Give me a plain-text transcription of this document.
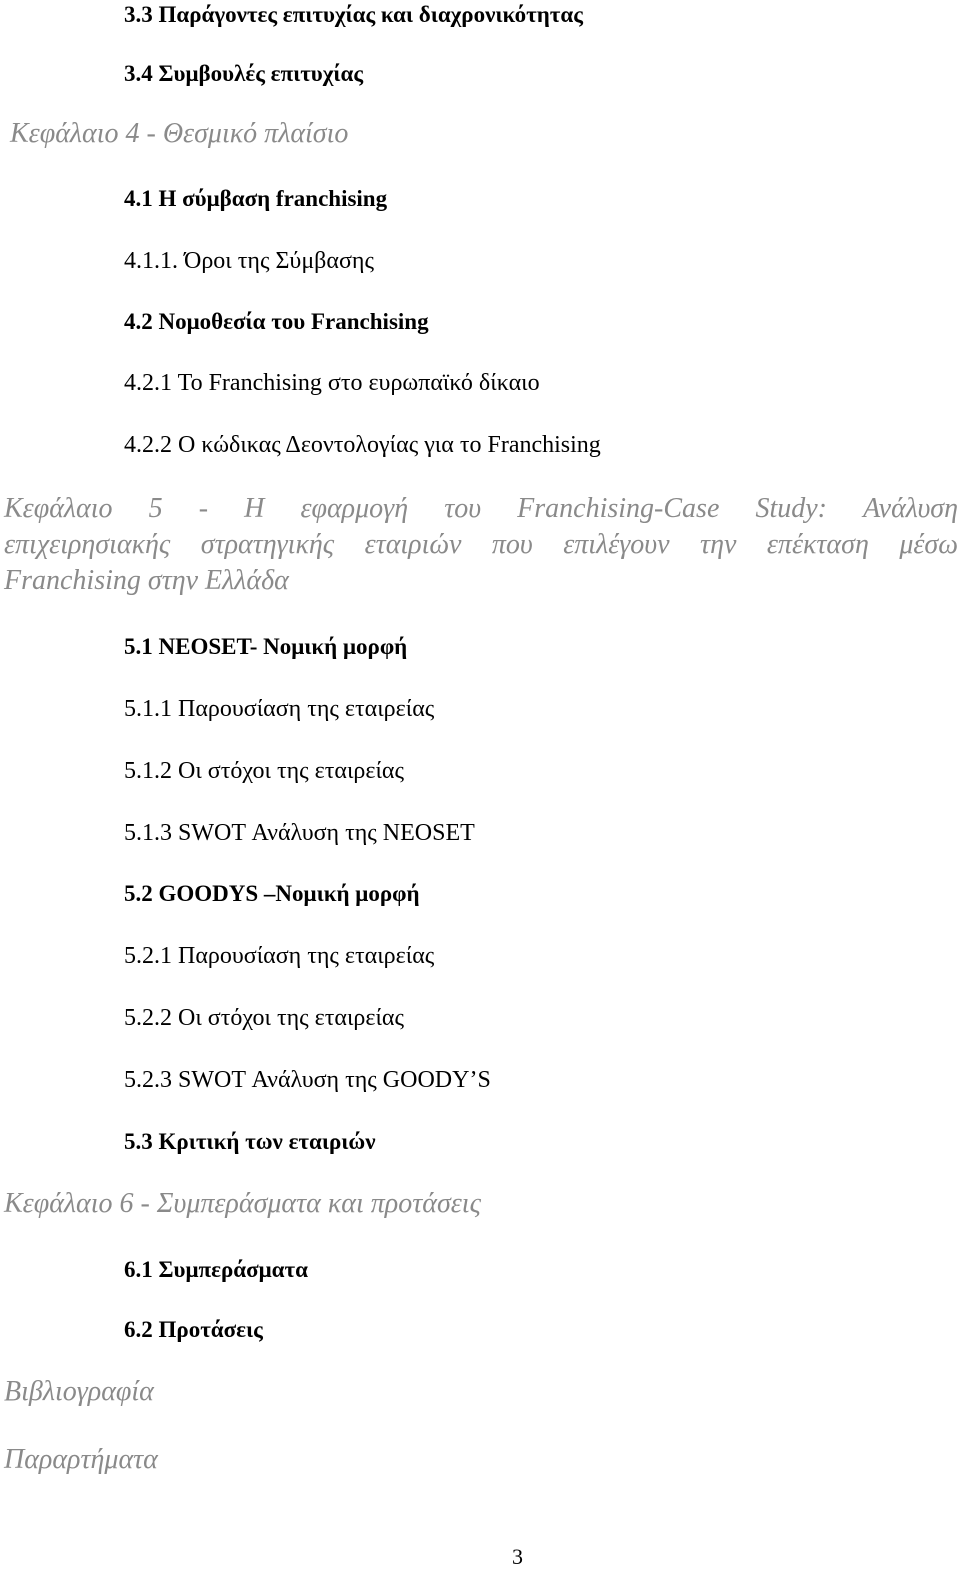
3.3 Παράγοντες επιτυχίας και διαχρονικότητας
3.4 Συμβουλές επιτυχίας
Κεφάλαιο 4 - Θεσμικό πλαίσιο
4.1 Η σύμβαση franchising
4.1.1. Όροι της Σύμβασης
4.2 Νομοθεσία του Franchising
4.2.1 Το Franchising στο ευρωπαϊκό δίκαιο
4.2.2 Ο κώδικας Δεοντολογίας για το Franchising
Κεφάλαιο 5 - Η εφαρμογή του Franchising-Case Study: Ανάλυση
επιχειρησιακής στρατηγικής εταιριών που επιλέγουν την επέκταση μέσω
Franchising στην Ελλάδα
5.1 NEOSET- Νομική μορφή
5.1.1 Παρουσίαση της εταιρείας
5.1.2 Οι στόχοι της εταιρείας
5.1.3 SWOT Ανάλυση της NEOSET
5.2 GOODYS –Νομική μορφή
5.2.1 Παρουσίαση της εταιρείας
5.2.2 Οι στόχοι της εταιρείας
5.2.3 SWOT Ανάλυση της GOODY’S
5.3 Κριτική των εταιριών
Κεφάλαιο 6 - Συμπεράσματα και προτάσεις
6.1 Συμπεράσματα
6.2 Προτάσεις
Βιβλιογραφία
Παραρτήματα
3
